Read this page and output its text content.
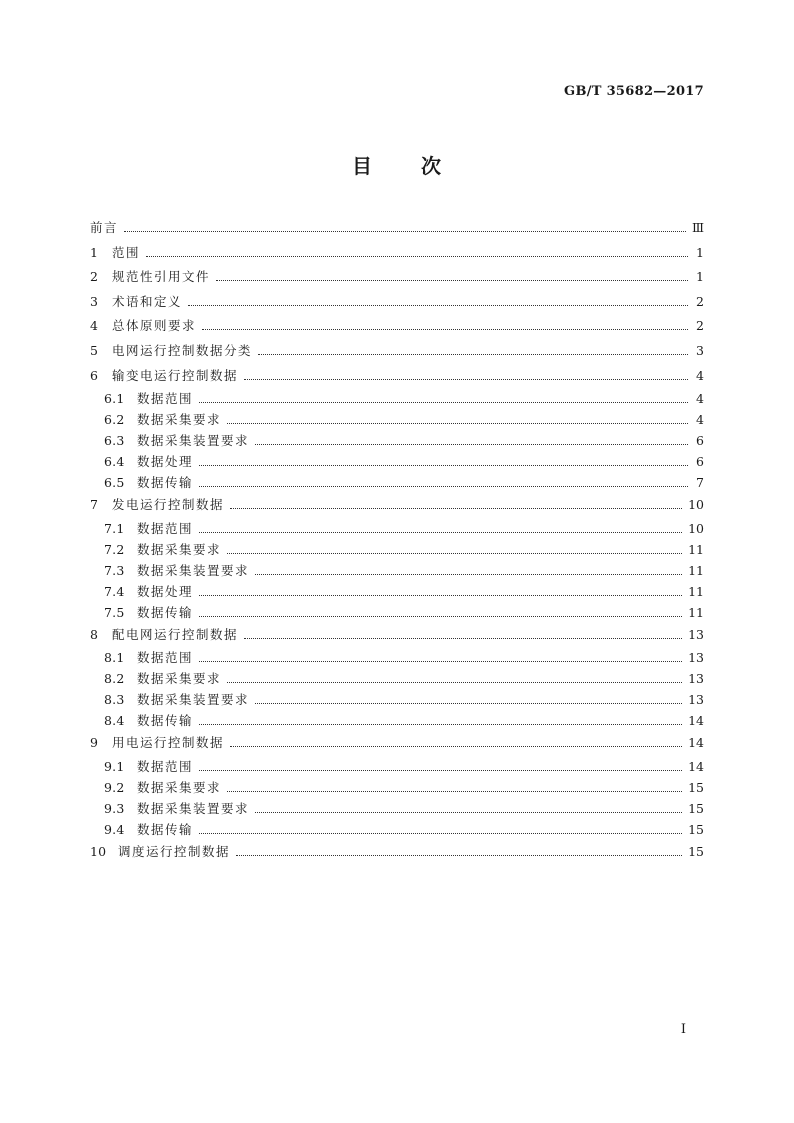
GB/T 35682—2017
目 次
前言	Ⅲ
1	范围	1
2	规范性引用文件	1
3	术语和定义	2
4	总体原则要求	2
5	电网运行控制数据分类	3
6	输变电运行控制数据	4
6.1	数据范围	4
6.2	数据采集要求	4
6.3	数据采集装置要求	6
6.4	数据处理	6
6.5	数据传输	7
7	发电运行控制数据	10
7.1	数据范围	10
7.2	数据采集要求	11
7.3	数据采集装置要求	11
7.4	数据处理	11
7.5	数据传输	11
8	配电网运行控制数据	13
8.1	数据范围	13
8.2	数据采集要求	13
8.3	数据采集装置要求	13
8.4	数据传输	14
9	用电运行控制数据	14
9.1	数据范围	14
9.2	数据采集要求	15
9.3	数据采集装置要求	15
9.4	数据传输	15
10 调度运行控制数据	15
I
